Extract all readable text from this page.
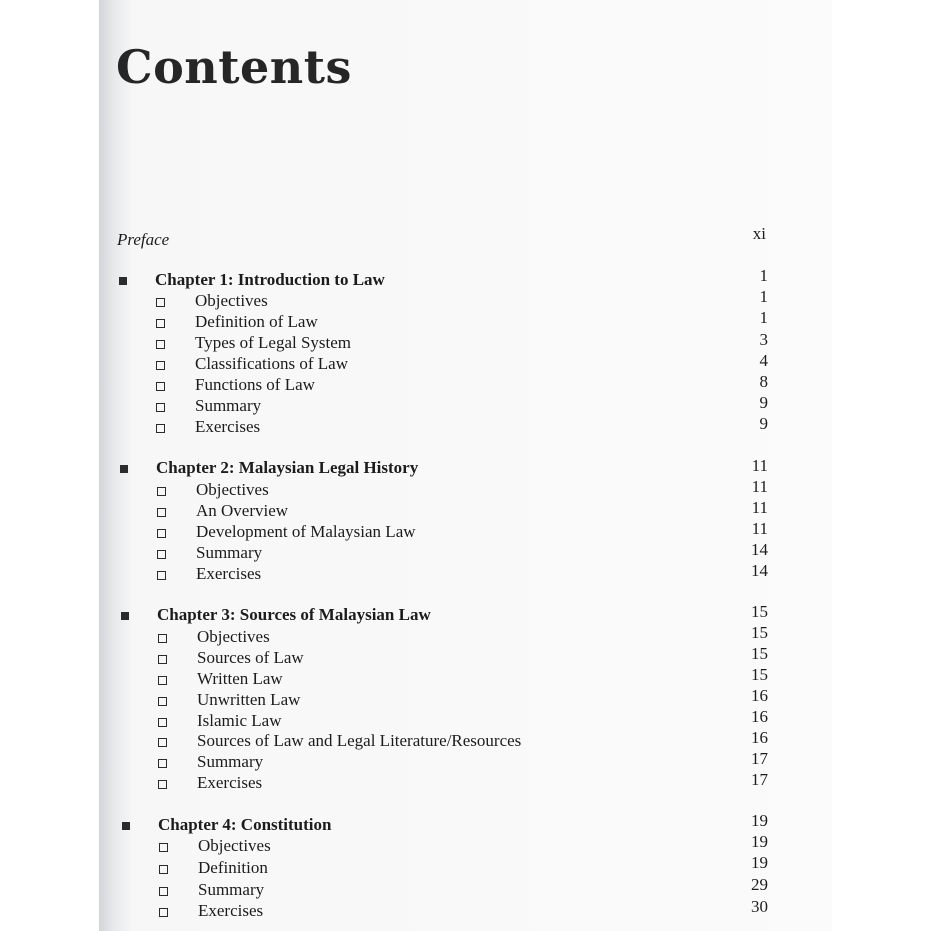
Contents
Preface	xi
Chapter 1: Introduction to Law	1
Objectives	1
Definition of Law	1
Types of Legal System	3
Classifications of Law	4
Functions of Law	8
Summary	9
Exercises	9
Chapter 2: Malaysian Legal History	11
Objectives	11
An Overview	11
Development of Malaysian Law	11
Summary	14
Exercises	14
Chapter 3: Sources of Malaysian Law	15
Objectives	15
Sources of Law	15
Written Law	15
Unwritten Law	16
Islamic Law	16
Sources of Law and Legal Literature/Resources	16
Summary	17
Exercises	17
Chapter 4: Constitution	19
Objectives	19
Definition	19
Summary	29
Exercises	30
